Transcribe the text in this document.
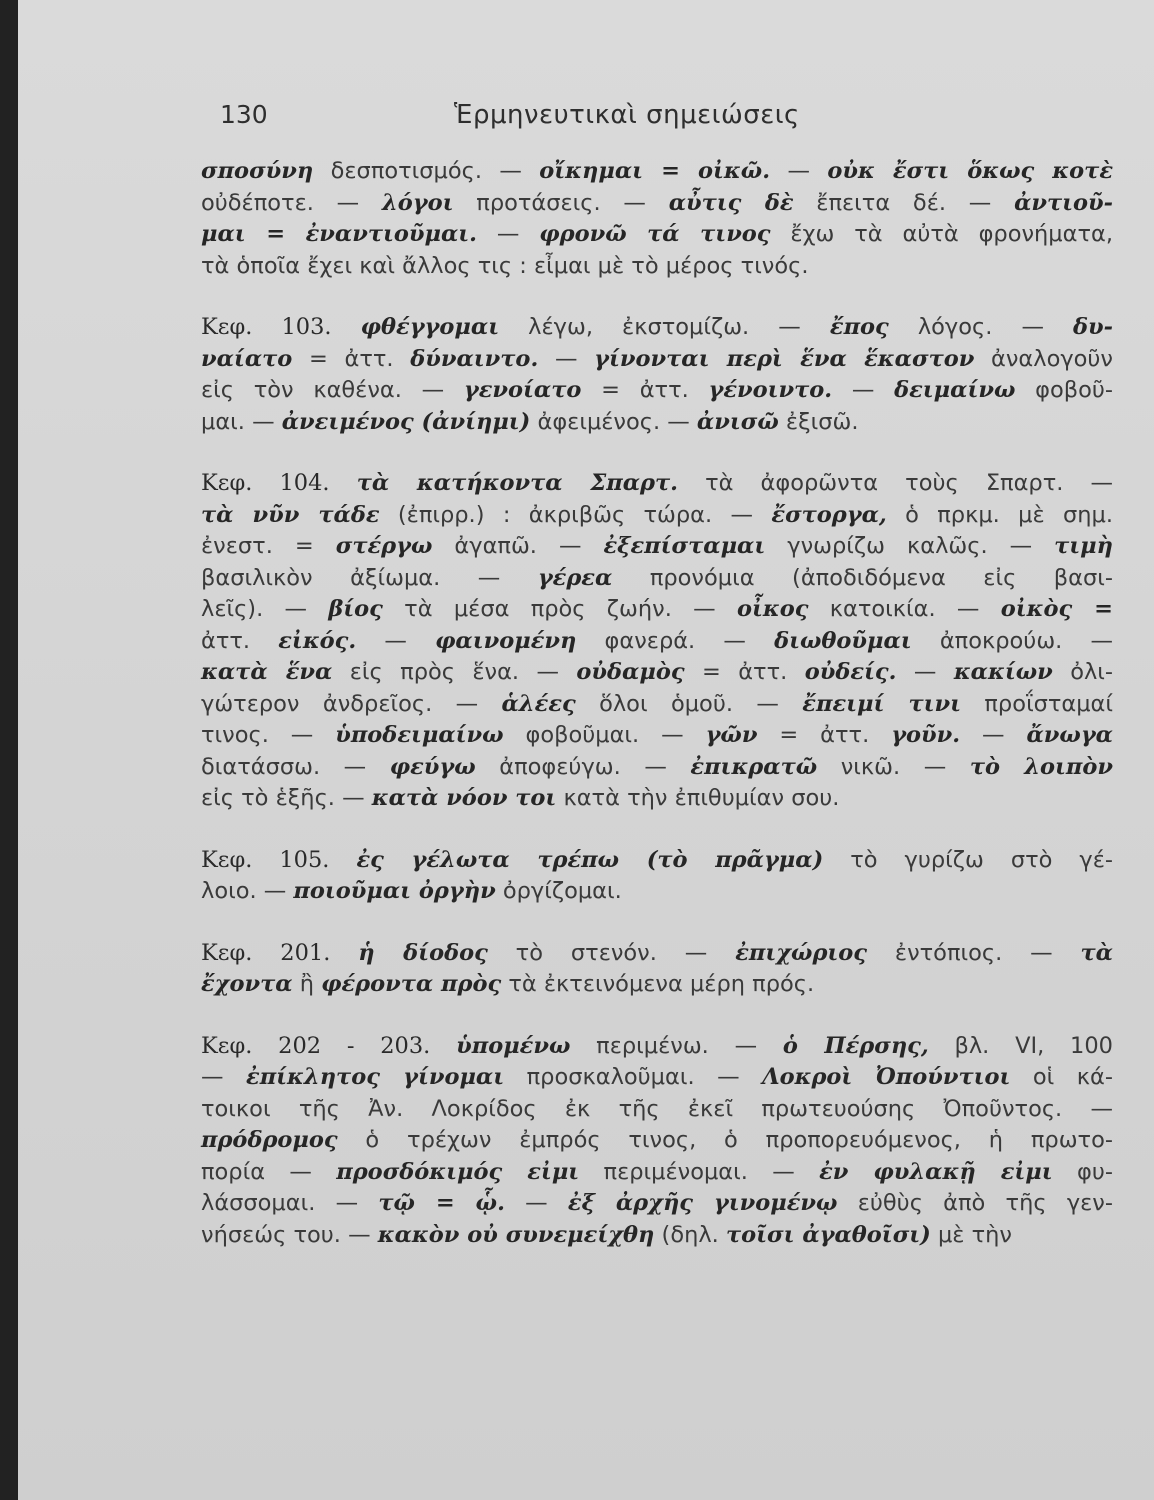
130	Ἑρμηνευτικαὶ σημειώσεις
σποσύνη δεσποτισμός. — οἴκημαι = οἰκῶ. — οὐκ ἔστι ὅκως κοτὲ
οὐδέποτε. — λόγοι προτάσεις. — αὖτις δὲ ἔπειτα δέ. — ἀντιοῦ-
μαι = ἐναντιοῦμαι. — φρονῶ τά τινος ἔχω τὰ αὐτὰ φρονήματα,
τὰ ὁποῖα ἔχει καὶ ἄλλος τις : εἶμαι μὲ τὸ μέρος τινός.
Κεφ. 103. φθέγγομαι λέγω, ἐκστομίζω. — ἔπος λόγος. — δυ-
ναίατο = ἀττ. δύναιντο. — γίνονται περὶ ἕνα ἕκαστον ἀναλογοῦν
εἰς τὸν καθένα. — γενοίατο = ἀττ. γένοιντο. — δειμαίνω φοβοῦ-
μαι. — ἀνειμένος (ἀνίημι) ἀφειμένος. — ἀνισῶ ἐξισῶ.
Κεφ. 104. τὰ κατήκοντα Σπαρτ. τὰ ἀφορῶντα τοὺς Σπαρτ. —
τὰ νῦν τάδε (ἐπιρρ.) : ἀκριβῶς τώρα. — ἔστοργα, ὁ πρκμ. μὲ σημ.
ἐνεστ. = στέργω ἀγαπῶ. — ἐξεπίσταμαι γνωρίζω καλῶς. — τιμὴ
βασιλικὸν ἀξίωμα. — γέρεα προνόμια (ἀποδιδόμενα εἰς βασι-
λεῖς). — βίος τὰ μέσα πρὸς ζωήν. — οἶκος κατοικία. — οἰκὸς =
ἀττ. εἰκός. — φαινομένη φανερά. — διωθοῦμαι ἀποκρούω. —
κατὰ ἕνα εἰς πρὸς ἕνα. — οὐδαμὸς = ἀττ. οὐδείς. — κακίων ὀλι-
γώτερον ἀνδρεῖος. — ἁλέες ὅλοι ὁμοῦ. — ἔπειμί τινι προΐσταμαί
τινος. — ὑποδειμαίνω φοβοῦμαι. — γῶν = ἀττ. γοῦν. — ἄνωγα
διατάσσω. — φεύγω ἀποφεύγω. — ἐπικρατῶ νικῶ. — τὸ λοιπὸν
εἰς τὸ ἑξῆς. — κατὰ νόον τοι κατὰ τὴν ἐπιθυμίαν σου.
Κεφ. 105. ἐς γέλωτα τρέπω (τὸ πρᾶγμα) τὸ γυρίζω στὸ γέ-
λοιο. — ποιοῦμαι ὀργὴν ὀργίζομαι.
Κεφ. 201. ἡ δίοδος τὸ στενόν. — ἐπιχώριος ἐντόπιος. — τὰ
ἔχοντα ἢ φέροντα πρὸς τὰ ἐκτεινόμενα μέρη πρός.
Κεφ. 202 - 203. ὑπομένω περιμένω. — ὁ Πέρσης, βλ. VI, 100
— ἐπίκλητος γίνομαι προσκαλοῦμαι. — Λοκροὶ Ὀπούντιοι οἱ κά-
τοικοι τῆς Ἀν. Λοκρίδος ἐκ τῆς ἐκεῖ πρωτευούσης Ὀποῦντος. —
πρόδρομος ὁ τρέχων ἐμπρός τινος, ὁ προπορευόμενος, ἡ πρωτο-
πορία — προσδόκιμός εἰμι περιμένομαι. — ἐν φυλακῇ εἰμι φυ-
λάσσομαι. — τῷ = ᾧ. — ἐξ ἀρχῆς γινομένῳ εὐθὺς ἀπὸ τῆς γεν-
νήσεώς του. — κακὸν οὐ συνεμείχθη (δηλ. τοῖσι ἀγαθοῖσι) μὲ τὴν
